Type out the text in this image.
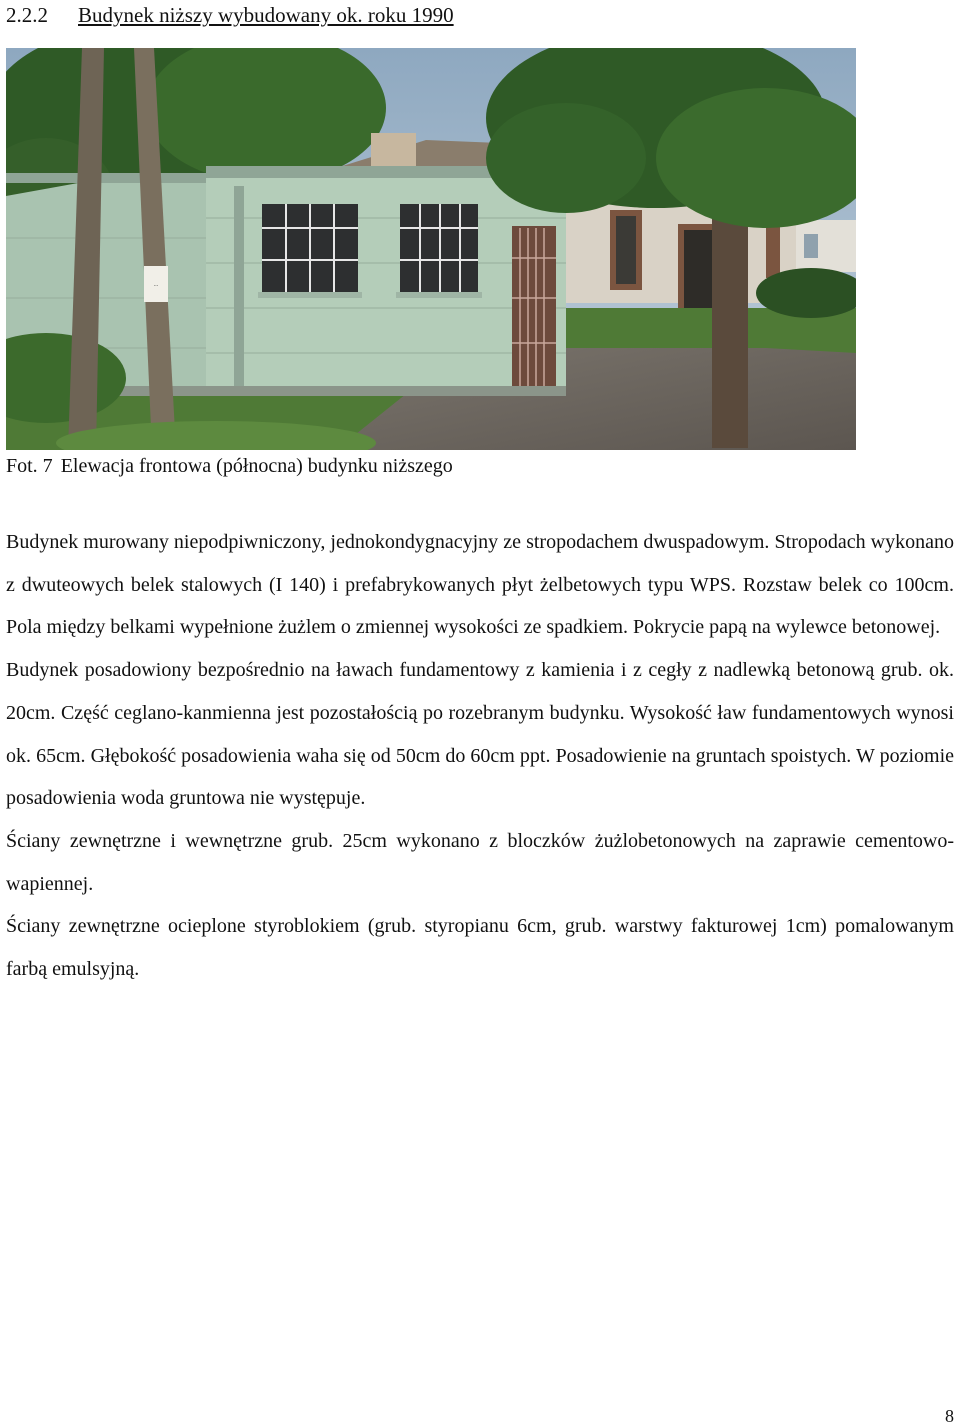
2.2.2 Budynek niższy wybudowany ok. roku 1990
...
Fot. 7 Elewacja frontowa (północna) budynku niższego

Budynek murowany niepodpiwniczony, jednokondygnacyjny ze stropodachem dwuspadowym. Stropodach wykonano z dwuteowych belek stalowych (I 140) i prefabrykowanych płyt żelbetowych typu WPS. Rozstaw belek co 100cm. Pola między belkami wypełnione żużlem o zmiennej wysokości ze spadkiem. Pokrycie papą na wylewce betonowej.

Budynek posadowiony bezpośrednio na ławach fundamentowy z kamienia i z cegły z nadlewką betonową grub. ok. 20cm. Część ceglano-kanmienna jest pozostałością po rozebranym budynku. Wysokość ław fundamentowych wynosi ok. 65cm. Głębokość posadowienia waha się od 50cm do 60cm ppt. Posadowienie na gruntach spoistych. W poziomie posadowienia woda gruntowa nie występuje.

Ściany zewnętrzne i wewnętrzne grub. 25cm wykonano z bloczków żużlobetonowych na zaprawie cementowo-wapiennej.

Ściany zewnętrzne ocieplone styroblokiem (grub. styropianu 6cm, grub. warstwy fakturowej 1cm) pomalowanym farbą emulsyjną.

8
